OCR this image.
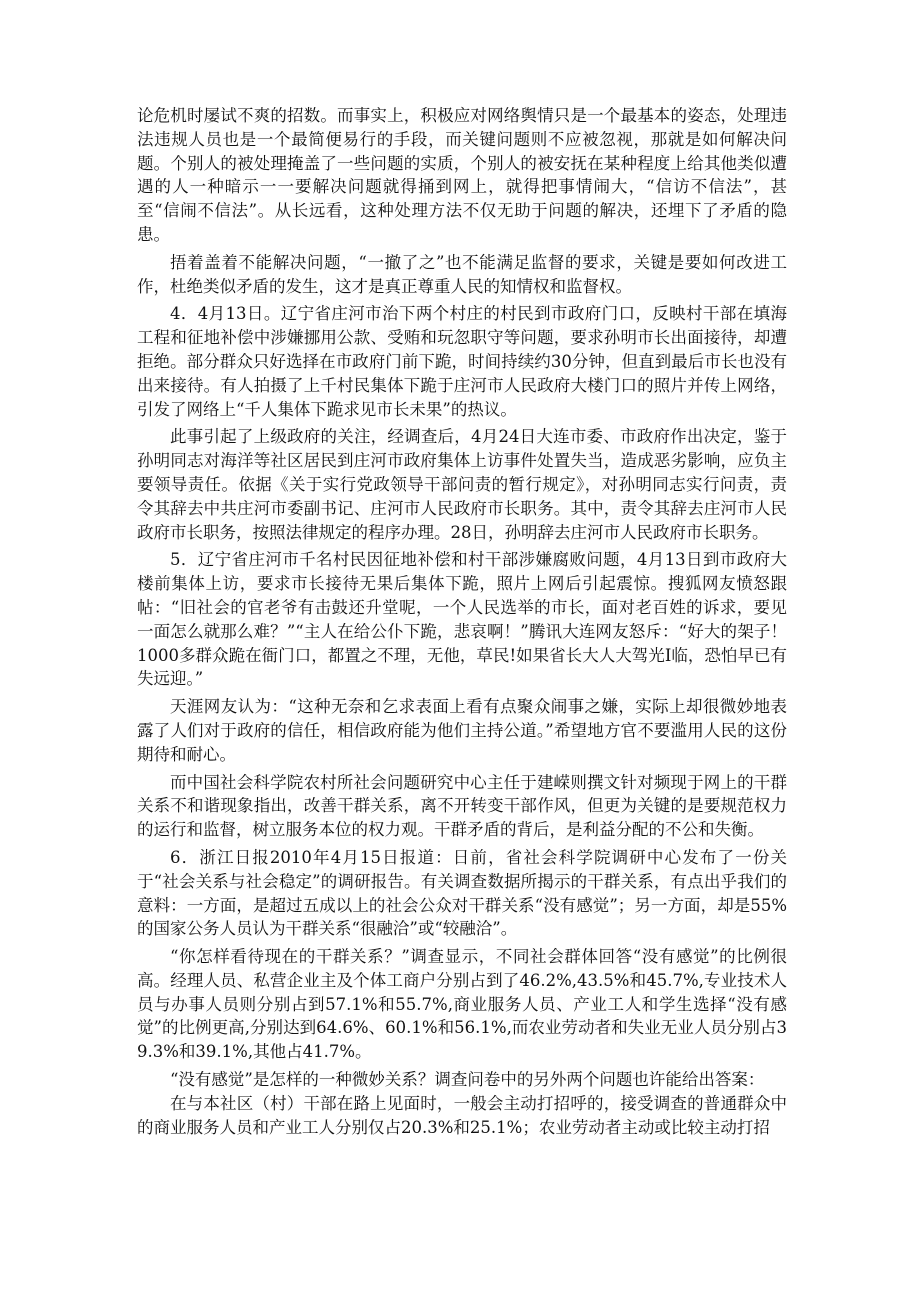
论危机时屡试不爽的招数。而事实上，积极应对网络舆情只是一个最基本的姿态，处理违法违规人员也是一个最简便易行的手段，而关键问题则不应被忽视，那就是如何解决问题。个别人的被处理掩盖了一些问题的实质，个别人的被安抚在某种程度上给其他类似遭遇的人一种暗示一一要解决问题就得捅到网上，就得把事情闹大，“信访不信法”，甚至“信闹不信法”。从长远看，这种处理方法不仅无助于问题的解决，还埋下了矛盾的隐患。

捂着盖着不能解决问题，“一撤了之”也不能满足监督的要求，关键是要如何改进工作，杜绝类似矛盾的发生，这才是真正尊重人民的知情权和监督权。

4．4月13日。辽宁省庄河市治下两个村庄的村民到市政府门口，反映村干部在填海工程和征地补偿中涉嫌挪用公款、受贿和玩忽职守等问题，要求孙明市长出面接待，却遭拒绝。部分群众只好选择在市政府门前下跪，时间持续约30分钟，但直到最后市长也没有出来接待。有人拍摄了上千村民集体下跪于庄河市人民政府大楼门口的照片并传上网络，引发了网络上“千人集体下跪求见市长未果”的热议。

此事引起了上级政府的关注，经调查后，4月24日大连市委、市政府作出决定，鉴于孙明同志对海洋等社区居民到庄河市政府集体上访事件处置失当，造成恶劣影响，应负主要领导责任。依据《关于实行党政领导干部问责的暂行规定》，对孙明同志实行问责，责令其辞去中共庄河市委副书记、庄河市人民政府市长职务。其中，责令其辞去庄河市人民政府市长职务，按照法律规定的程序办理。28日，孙明辞去庄河市人民政府市长职务。

5．辽宁省庄河市千名村民因征地补偿和村干部涉嫌腐败问题，4月13日到市政府大楼前集体上访，要求市长接待无果后集体下跪，照片上网后引起震惊。搜狐网友愤怒跟帖：“旧社会的官老爷有击鼓还升堂呢，一个人民选举的市长，面对老百姓的诉求，要见一面怎么就那么难？”“主人在给公仆下跪，悲哀啊！”腾讯大连网友怒斥：“好大的架子！1000多群众跪在衙门口，都置之不理，无他，草民!如果省长大人大驾光Ⅰ临，恐怕早已有失远迎。”

天涯网友认为：“这种无奈和乞求表面上看有点聚众闹事之嫌，实际上却很微妙地表露了人们对于政府的信任，相信政府能为他们主持公道。”希望地方官不要滥用人民的这份期待和耐心。

而中国社会科学院农村所社会问题研究中心主任于建嵘则撰文针对频现于网上的干群关系不和谐现象指出，改善干群关系，离不开转变干部作风，但更为关键的是要规范权力的运行和监督，树立服务本位的权力观。干群矛盾的背后，是利益分配的不公和失衡。

6．浙江日报2010年4月15日报道：日前，省社会科学院调研中心发布了一份关于“社会关系与社会稳定”的调研报告。有关调查数据所揭示的干群关系，有点出乎我们的意料：一方面，是超过五成以上的社会公众对干群关系“没有感觉”；另一方面，却是55%的国家公务人员认为干群关系“很融洽”或“较融洽”。

“你怎样看待现在的干群关系？”调查显示，不同社会群体回答“没有感觉”的比例很高。经理人员、私营企业主及个体工商户分别占到了46.2%,43.5%和45.7%,专业技术人员与办事人员则分别占到57.1%和55.7%,商业服务人员、产业工人和学生选择“没有感觉”的比例更高,分别达到64.6%、60.1%和56.1%,而农业劳动者和失业无业人员分别占39.3%和39.1%,其他占41.7%。

“没有感觉”是怎样的一种微妙关系？调查问卷中的另外两个问题也许能给出答案：

在与本社区（村）干部在路上见面时，一般会主动打招呼的，接受调查的普通群众中的商业服务人员和产业工人分别仅占20.3%和25.1%；农业劳动者主动或比较主动打招
